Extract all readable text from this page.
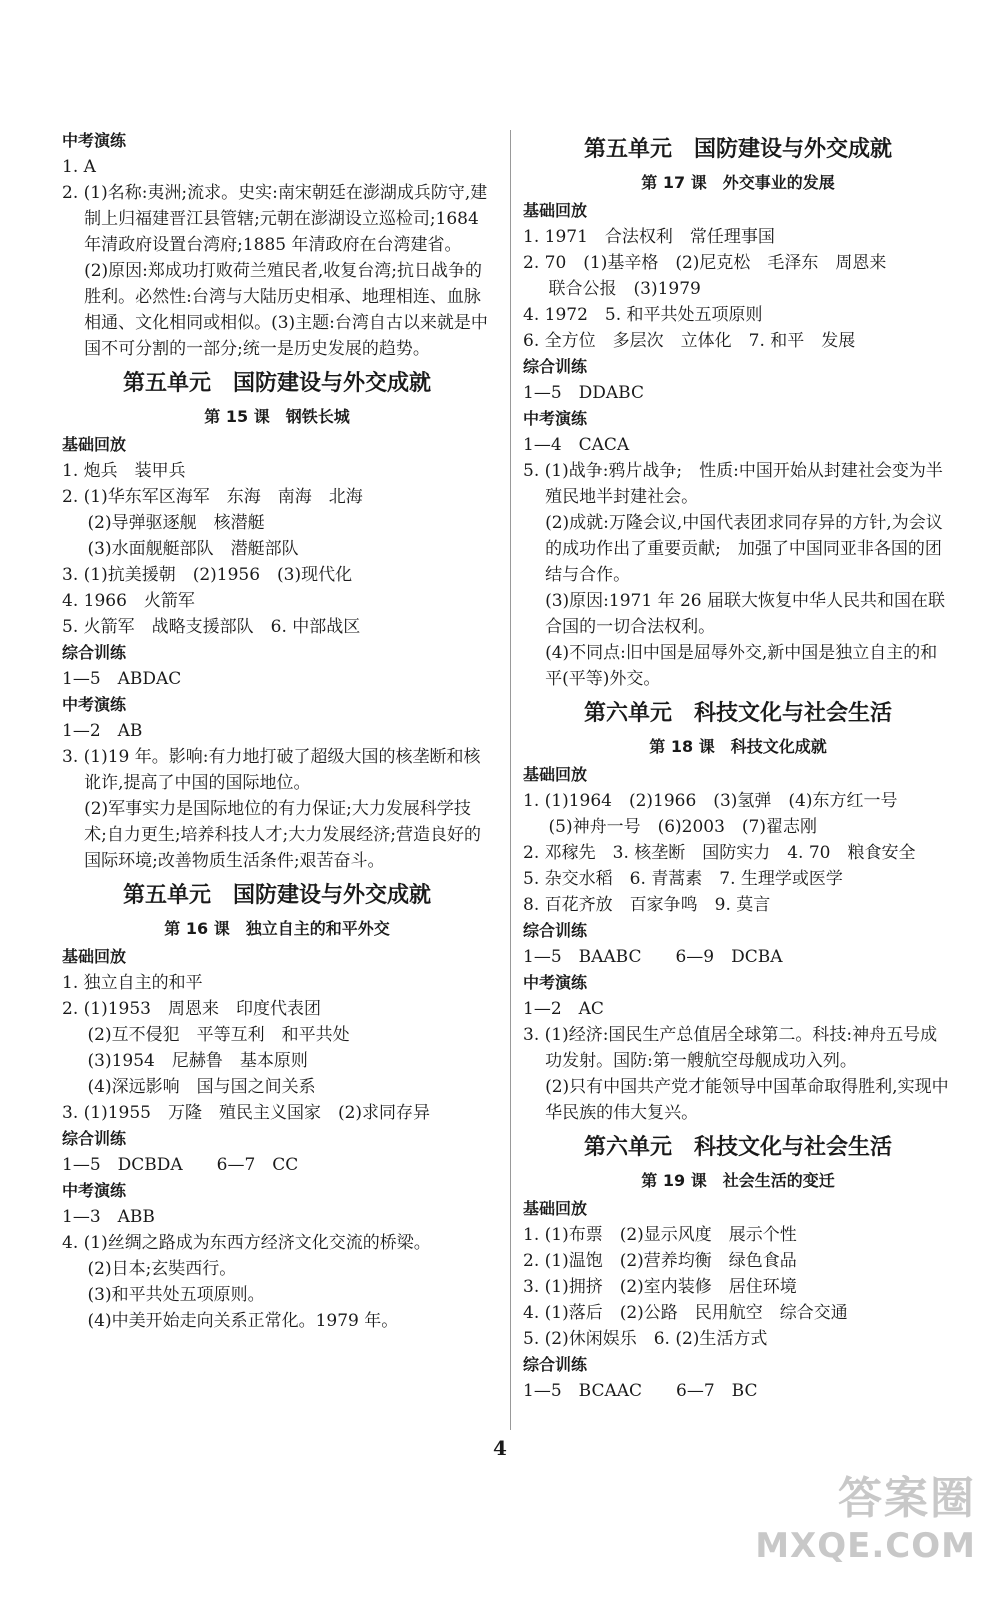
中考演练

1. A

2. (1)名称:夷洲;流求。史实:南宋朝廷在澎湖成兵防守,建制上归福建晋江县管辖;元朝在澎湖设立巡检司;1684 年清政府设置台湾府;1885 年清政府在台湾建省。

(2)原因:郑成功打败荷兰殖民者,收复台湾;抗日战争的胜利。必然性:台湾与大陆历史相承、地理相连、血脉相通、文化相同或相似。(3)主题:台湾自古以来就是中国不可分割的一部分;统一是历史发展的趋势。

第五单元　国防建设与外交成就

第 15 课　钢铁长城

基础回放

1. 炮兵　装甲兵

2. (1)华东军区海军　东海　南海　北海

(2)导弹驱逐舰　核潜艇

(3)水面舰艇部队　潜艇部队

3. (1)抗美援朝　(2)1956　(3)现代化

4. 1966　火箭军

5. 火箭军　战略支援部队　6. 中部战区

综合训练

1—5　ABDAC

中考演练

1—2　AB

3. (1)19 年。影响:有力地打破了超级大国的核垄断和核讹诈,提高了中国的国际地位。

(2)军事实力是国际地位的有力保证;大力发展科学技术;自力更生;培养科技人才;大力发展经济;营造良好的国际环境;改善物质生活条件;艰苦奋斗。

第五单元　国防建设与外交成就

第 16 课　独立自主的和平外交

基础回放

1. 独立自主的和平

2. (1)1953　周恩来　印度代表团

(2)互不侵犯　平等互利　和平共处

(3)1954　尼赫鲁　基本原则

(4)深远影响　国与国之间关系

3. (1)1955　万隆　殖民主义国家　(2)求同存异

综合训练

1—5　DCBDA　　6—7　CC

中考演练

1—3　ABB

4. (1)丝绸之路成为东西方经济文化交流的桥梁。

(2)日本;玄奘西行。

(3)和平共处五项原则。

(4)中美开始走向关系正常化。1979 年。

第五单元　国防建设与外交成就

第 17 课　外交事业的发展

基础回放

1. 1971　合法权利　常任理事国

2. 70　(1)基辛格　(2)尼克松　毛泽东　周恩来

联合公报　(3)1979

4. 1972　5. 和平共处五项原则

6. 全方位　多层次　立体化　7. 和平　发展

综合训练

1—5　DDABC

中考演练

1—4　CACA

5. (1)战争:鸦片战争;　性质:中国开始从封建社会变为半殖民地半封建社会。

(2)成就:万隆会议,中国代表团求同存异的方针,为会议的成功作出了重要贡献;　加强了中国同亚非各国的团结与合作。

(3)原因:1971 年 26 届联大恢复中华人民共和国在联合国的一切合法权利。

(4)不同点:旧中国是屈辱外交,新中国是独立自主的和平(平等)外交。

第六单元　科技文化与社会生活

第 18 课　科技文化成就

基础回放

1. (1)1964　(2)1966　(3)氢弹　(4)东方红一号

(5)神舟一号　(6)2003　(7)翟志刚

2. 邓稼先　3. 核垄断　国防实力　4. 70　粮食安全

5. 杂交水稻　6. 青蒿素　7. 生理学或医学

8. 百花齐放　百家争鸣　9. 莫言

综合训练

1—5　BAABC　　6—9　DCBA

中考演练

1—2　AC

3. (1)经济:国民生产总值居全球第二。科技:神舟五号成功发射。国防:第一艘航空母舰成功入列。

(2)只有中国共产党才能领导中国革命取得胜利,实现中华民族的伟大复兴。

第六单元　科技文化与社会生活

第 19 课　社会生活的变迁

基础回放

1. (1)布票　(2)显示风度　展示个性

2. (1)温饱　(2)营养均衡　绿色食品

3. (1)拥挤　(2)室内装修　居住环境

4. (1)落后　(2)公路　民用航空　综合交通

5. (2)休闲娱乐　6. (2)生活方式

综合训练

1—5　BCAAC　　6—7　BC

4
答案圈
MXQE.COM
